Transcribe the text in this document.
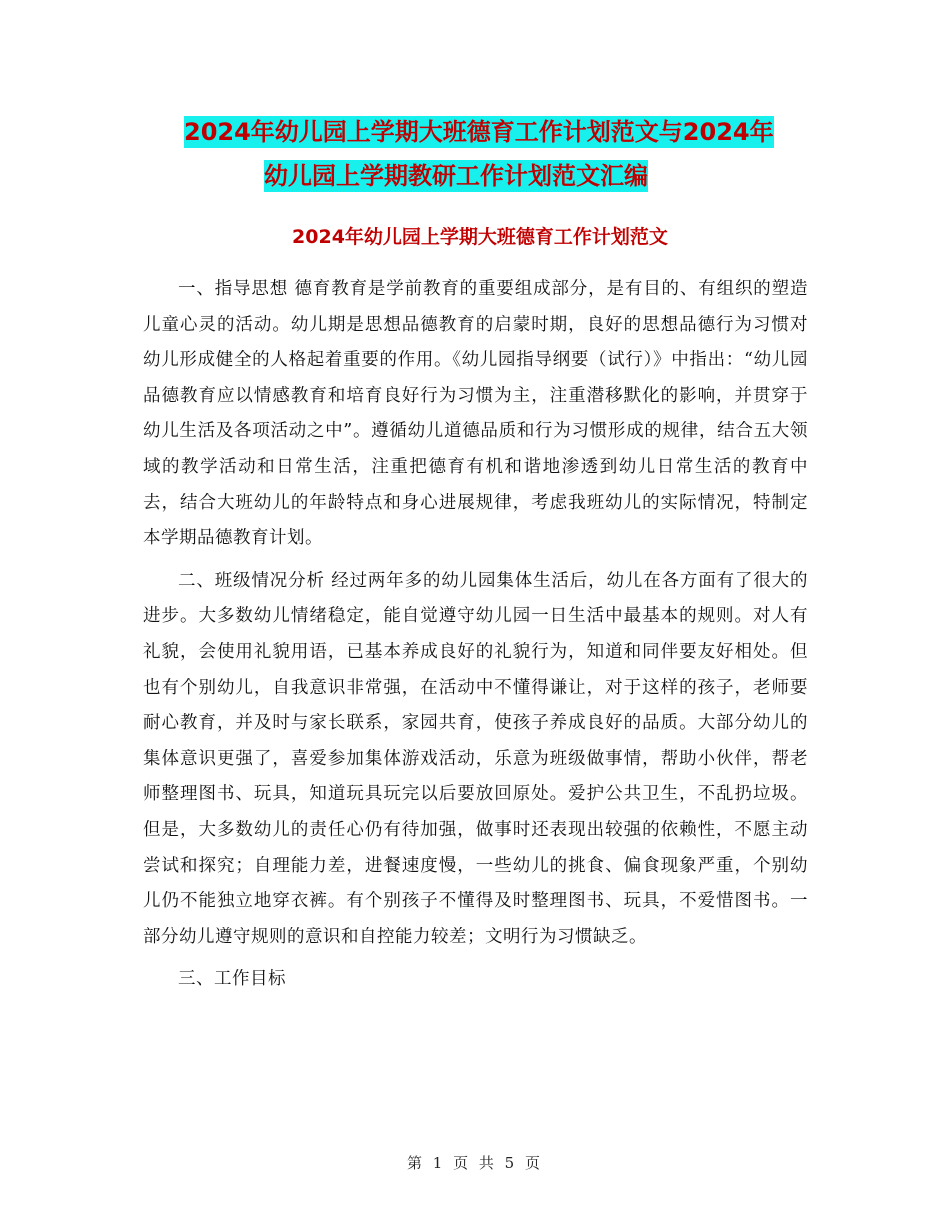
2024年幼儿园上学期大班德育工作计划范文与2024年
幼儿园上学期教研工作计划范文汇编
2024年幼儿园上学期大班德育工作计划范文

一、指导思想 德育教育是学前教育的重要组成部分，是有目的、有组织的塑造儿童心灵的活动。幼儿期是思想品德教育的启蒙时期，良好的思想品德行为习惯对幼儿形成健全的人格起着重要的作用。《幼儿园指导纲要（试行）》中指出：“幼儿园品德教育应以情感教育和培育良好行为习惯为主，注重潜移默化的影响，并贯穿于幼儿生活及各项活动之中”。遵循幼儿道德品质和行为习惯形成的规律，结合五大领域的教学活动和日常生活，注重把德育有机和谐地渗透到幼儿日常生活的教育中去，结合大班幼儿的年龄特点和身心进展规律，考虑我班幼儿的实际情况，特制定本学期品德教育计划。

二、班级情况分析 经过两年多的幼儿园集体生活后，幼儿在各方面有了很大的进步。大多数幼儿情绪稳定，能自觉遵守幼儿园一日生活中最基本的规则。对人有礼貌，会使用礼貌用语，已基本养成良好的礼貌行为，知道和同伴要友好相处。但也有个别幼儿，自我意识非常强，在活动中不懂得谦让，对于这样的孩子，老师要耐心教育，并及时与家长联系，家园共育，使孩子养成良好的品质。大部分幼儿的集体意识更强了，喜爱参加集体游戏活动，乐意为班级做事情，帮助小伙伴，帮老师整理图书、玩具，知道玩具玩完以后要放回原处。爱护公共卫生，不乱扔垃圾。但是，大多数幼儿的责任心仍有待加强，做事时还表现出较强的依赖性，不愿主动尝试和探究；自理能力差，进餐速度慢，一些幼儿的挑食、偏食现象严重，个别幼儿仍不能独立地穿衣裤。有个别孩子不懂得及时整理图书、玩具，不爱惜图书。一部分幼儿遵守规则的意识和自控能力较差；文明行为习惯缺乏。

三、工作目标

第 1 页 共 5 页
